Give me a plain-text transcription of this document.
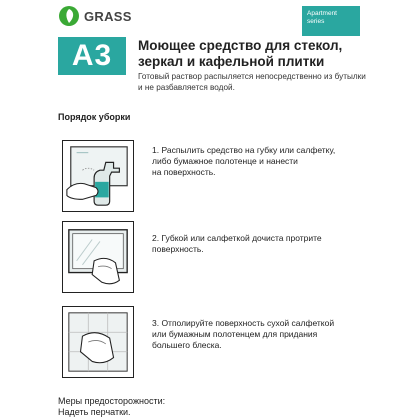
GRASS	Apartment
series
A3	Моющее средство для стекол,
зеркал и кафельной плитки
Готовый раствор распыляется непосредственно из бутылки
и не разбавляется водой.
Порядок уборки
1. Распылить средство на губку или салфетку,
либо бумажное полотенце и нанести
на поверхность.
2. Губкой или салфеткой дочиста протрите
поверхность.
3. Отполируйте поверхность сухой салфеткой
или бумажным полотенцем для придания
большего блеска.
Меры предосторожности:
Надеть перчатки.
